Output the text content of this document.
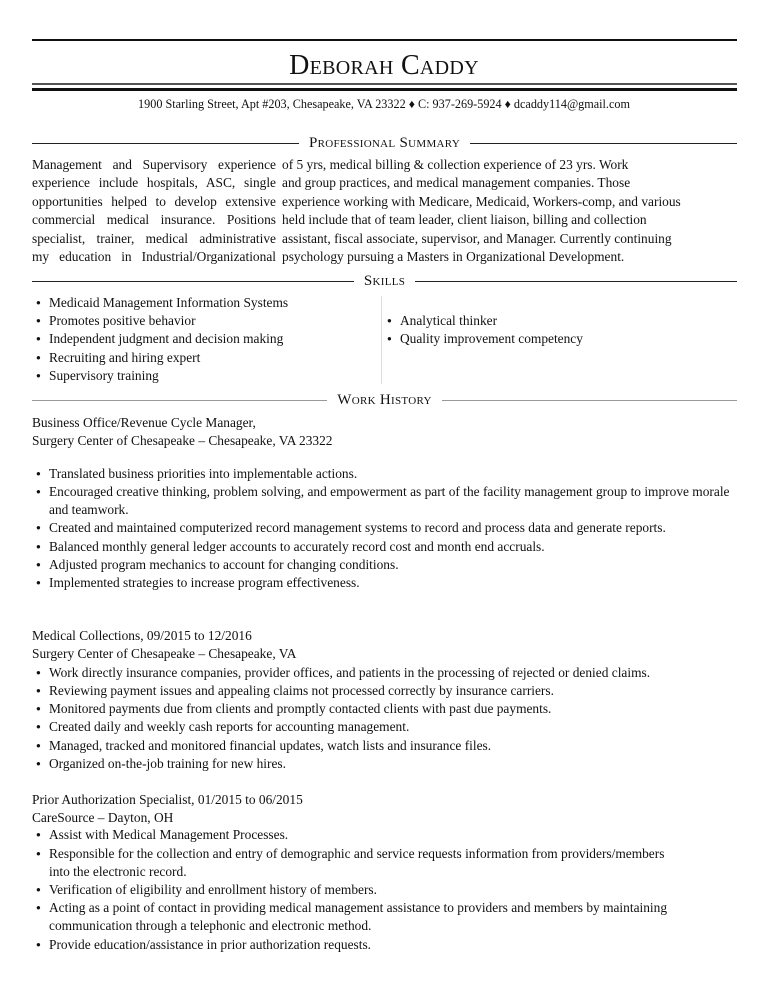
Deborah Caddy
1900 Starling Street, Apt #203, Chesapeake, VA 23322 ♦ C: 937-269-5924 ♦ dcaddy114@gmail.com
Professional Summary
Management and Supervisory experience
experience include hospitals, ASC, single
opportunities helped to develop extensive
commercial medical insurance. Positions
specialist, trainer, medical administrative
my education in Industrial/Organizational
of 5 yrs, medical billing & collection experience of 23 yrs. Work
and group practices, and medical management companies. Those
experience working with Medicare, Medicaid, Workers-comp, and various
held include that of team leader, client liaison, billing and collection
assistant, fiscal associate, supervisor, and Manager. Currently continuing
psychology pursuing a Masters in Organizational Development.
Skills
● Medicaid Management Information Systems
● Promotes positive behavior
● Independent judgment and decision making
● Recruiting and hiring expert
● Supervisory training
● Analytical thinker
● Quality improvement competency
Work History
Business Office/Revenue Cycle Manager,
Surgery Center of Chesapeake – Chesapeake, VA 23322
● Translated business priorities into implementable actions.
● Encouraged creative thinking, problem solving, and empowerment as part of the facility management group to improve morale and teamwork.
● Created and maintained computerized record management systems to record and process data and generate reports.
● Balanced monthly general ledger accounts to accurately record cost and month end accruals.
● Adjusted program mechanics to account for changing conditions.
● Implemented strategies to increase program effectiveness.
Medical Collections, 09/2015 to 12/2016
Surgery Center of Chesapeake – Chesapeake, VA
● Work directly insurance companies, provider offices, and patients in the processing of rejected or denied claims.
● Reviewing payment issues and appealing claims not processed correctly by insurance carriers.
● Monitored payments due from clients and promptly contacted clients with past due payments.
● Created daily and weekly cash reports for accounting management.
● Managed, tracked and monitored financial updates, watch lists and insurance files.
● Organized on-the-job training for new hires.
Prior Authorization Specialist, 01/2015 to 06/2015
CareSource – Dayton, OH
● Assist with Medical Management Processes.
● Responsible for the collection and entry of demographic and service requests information from providers/members into the electronic record.
● Verification of eligibility and enrollment history of members.
● Acting as a point of contact in providing medical management assistance to providers and members by maintaining communication through a telephonic and electronic method.
● Provide education/assistance in prior authorization requests.
